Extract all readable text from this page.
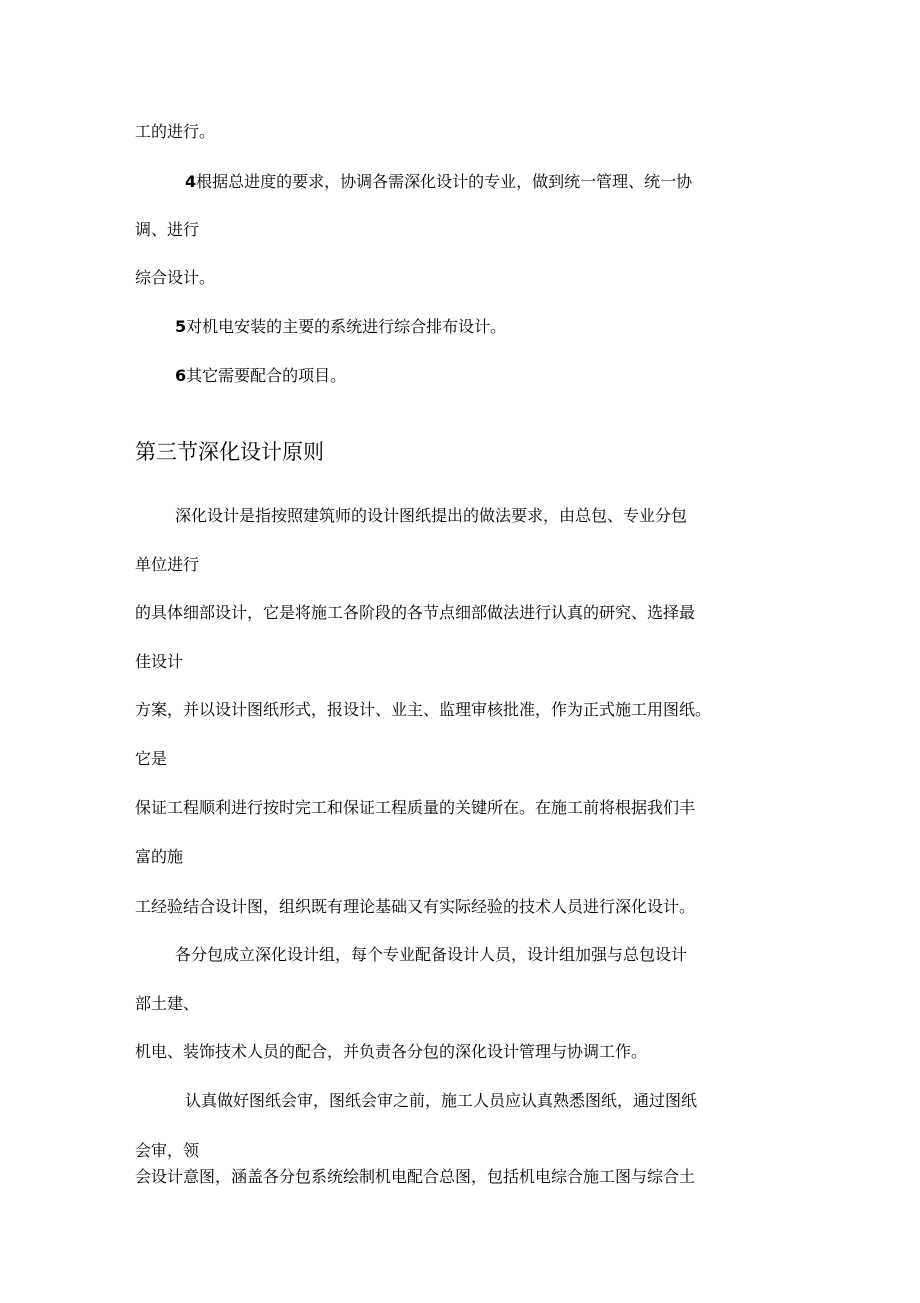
工的进行。
4根据总进度的要求，协调各需深化设计的专业，做到统一管理、统一协
调、进行
综合设计。
5对机电安装的主要的系统进行综合排布设计。
6其它需要配合的项目。
第三节深化设计原则
深化设计是指按照建筑师的设计图纸提出的做法要求，由总包、专业分包
单位进行
的具体细部设计，它是将施工各阶段的各节点细部做法进行认真的研究、选择最
佳设计
方案，并以设计图纸形式，报设计、业主、监理审核批准，作为正式施工用图纸。
它是
保证工程顺利进行按时完工和保证工程质量的关键所在。在施工前将根据我们丰
富的施
工经验结合设计图，组织既有理论基础又有实际经验的技术人员进行深化设计。
各分包成立深化设计组，每个专业配备设计人员，设计组加强与总包设计
部土建、
机电、装饰技术人员的配合，并负责各分包的深化设计管理与协调工作。
认真做好图纸会审，图纸会审之前，施工人员应认真熟悉图纸，通过图纸
会审，领
会设计意图，涵盖各分包系统绘制机电配合总图，包括机电综合施工图与综合土
